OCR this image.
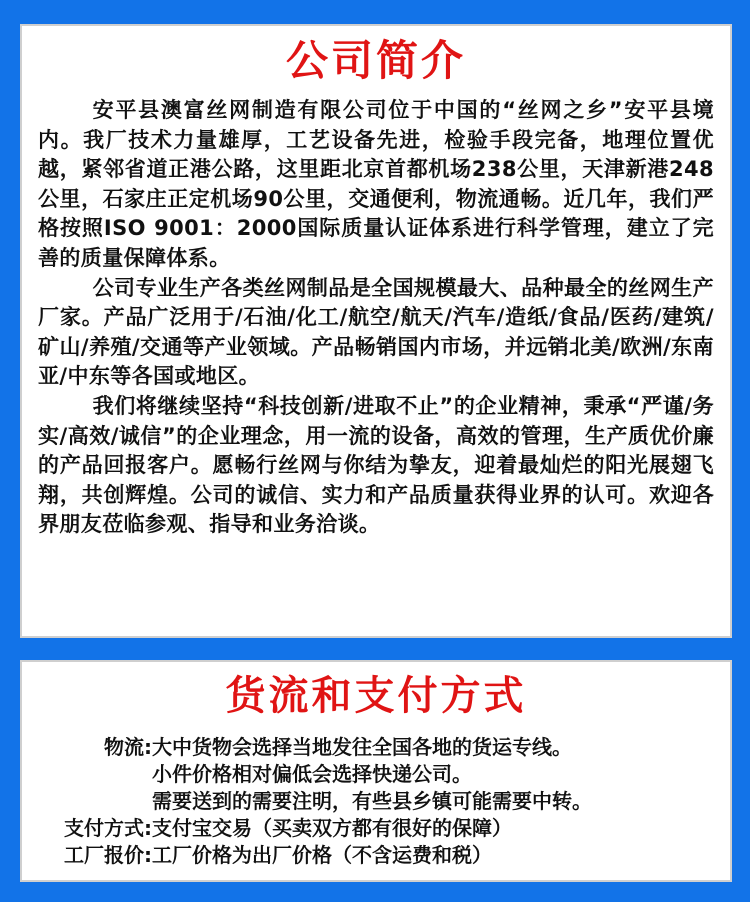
公司简介

安平县澳富丝网制造有限公司位于中国的“丝网之乡”安平县境内。我厂技术力量雄厚，工艺设备先进，检验手段完备，地理位置优越，紧邻省道正港公路，这里距北京首都机场238公里，天津新港248公里，石家庄正定机场90公里，交通便利，物流通畅。近几年，我们严格按照ISO 9001：2000国际质量认证体系进行科学管理，建立了完善的质量保障体系。

公司专业生产各类丝网制品是全国规模最大、品种最全的丝网生产厂家。产品广泛用于/石油/化工/航空/航天/汽车/造纸/食品/医药/建筑/矿山/养殖/交通等产业领域。产品畅销国内市场，并远销北美/欧洲/东南亚/中东等各国或地区。

我们将继续坚持“科技创新/进取不止”的企业精神，秉承“严谨/务实/高效/诚信”的企业理念，用一流的设备，高效的管理，生产质优价廉的产品回报客户。愿畅行丝网与你结为挚友，迎着最灿烂的阳光展翅飞翔，共创辉煌。公司的诚信、实力和产品质量获得业界的认可。欢迎各界朋友莅临参观、指导和业务洽谈。

货流和支付方式
物流: 大中货物会选择当地发往全国各地的货运专线。
小件价格相对偏低会选择快递公司。
需要送到的需要注明，有些县乡镇可能需要中转。
支付方式: 支付宝交易（买卖双方都有很好的保障）
工厂报价: 工厂价格为出厂价格（不含运费和税）
